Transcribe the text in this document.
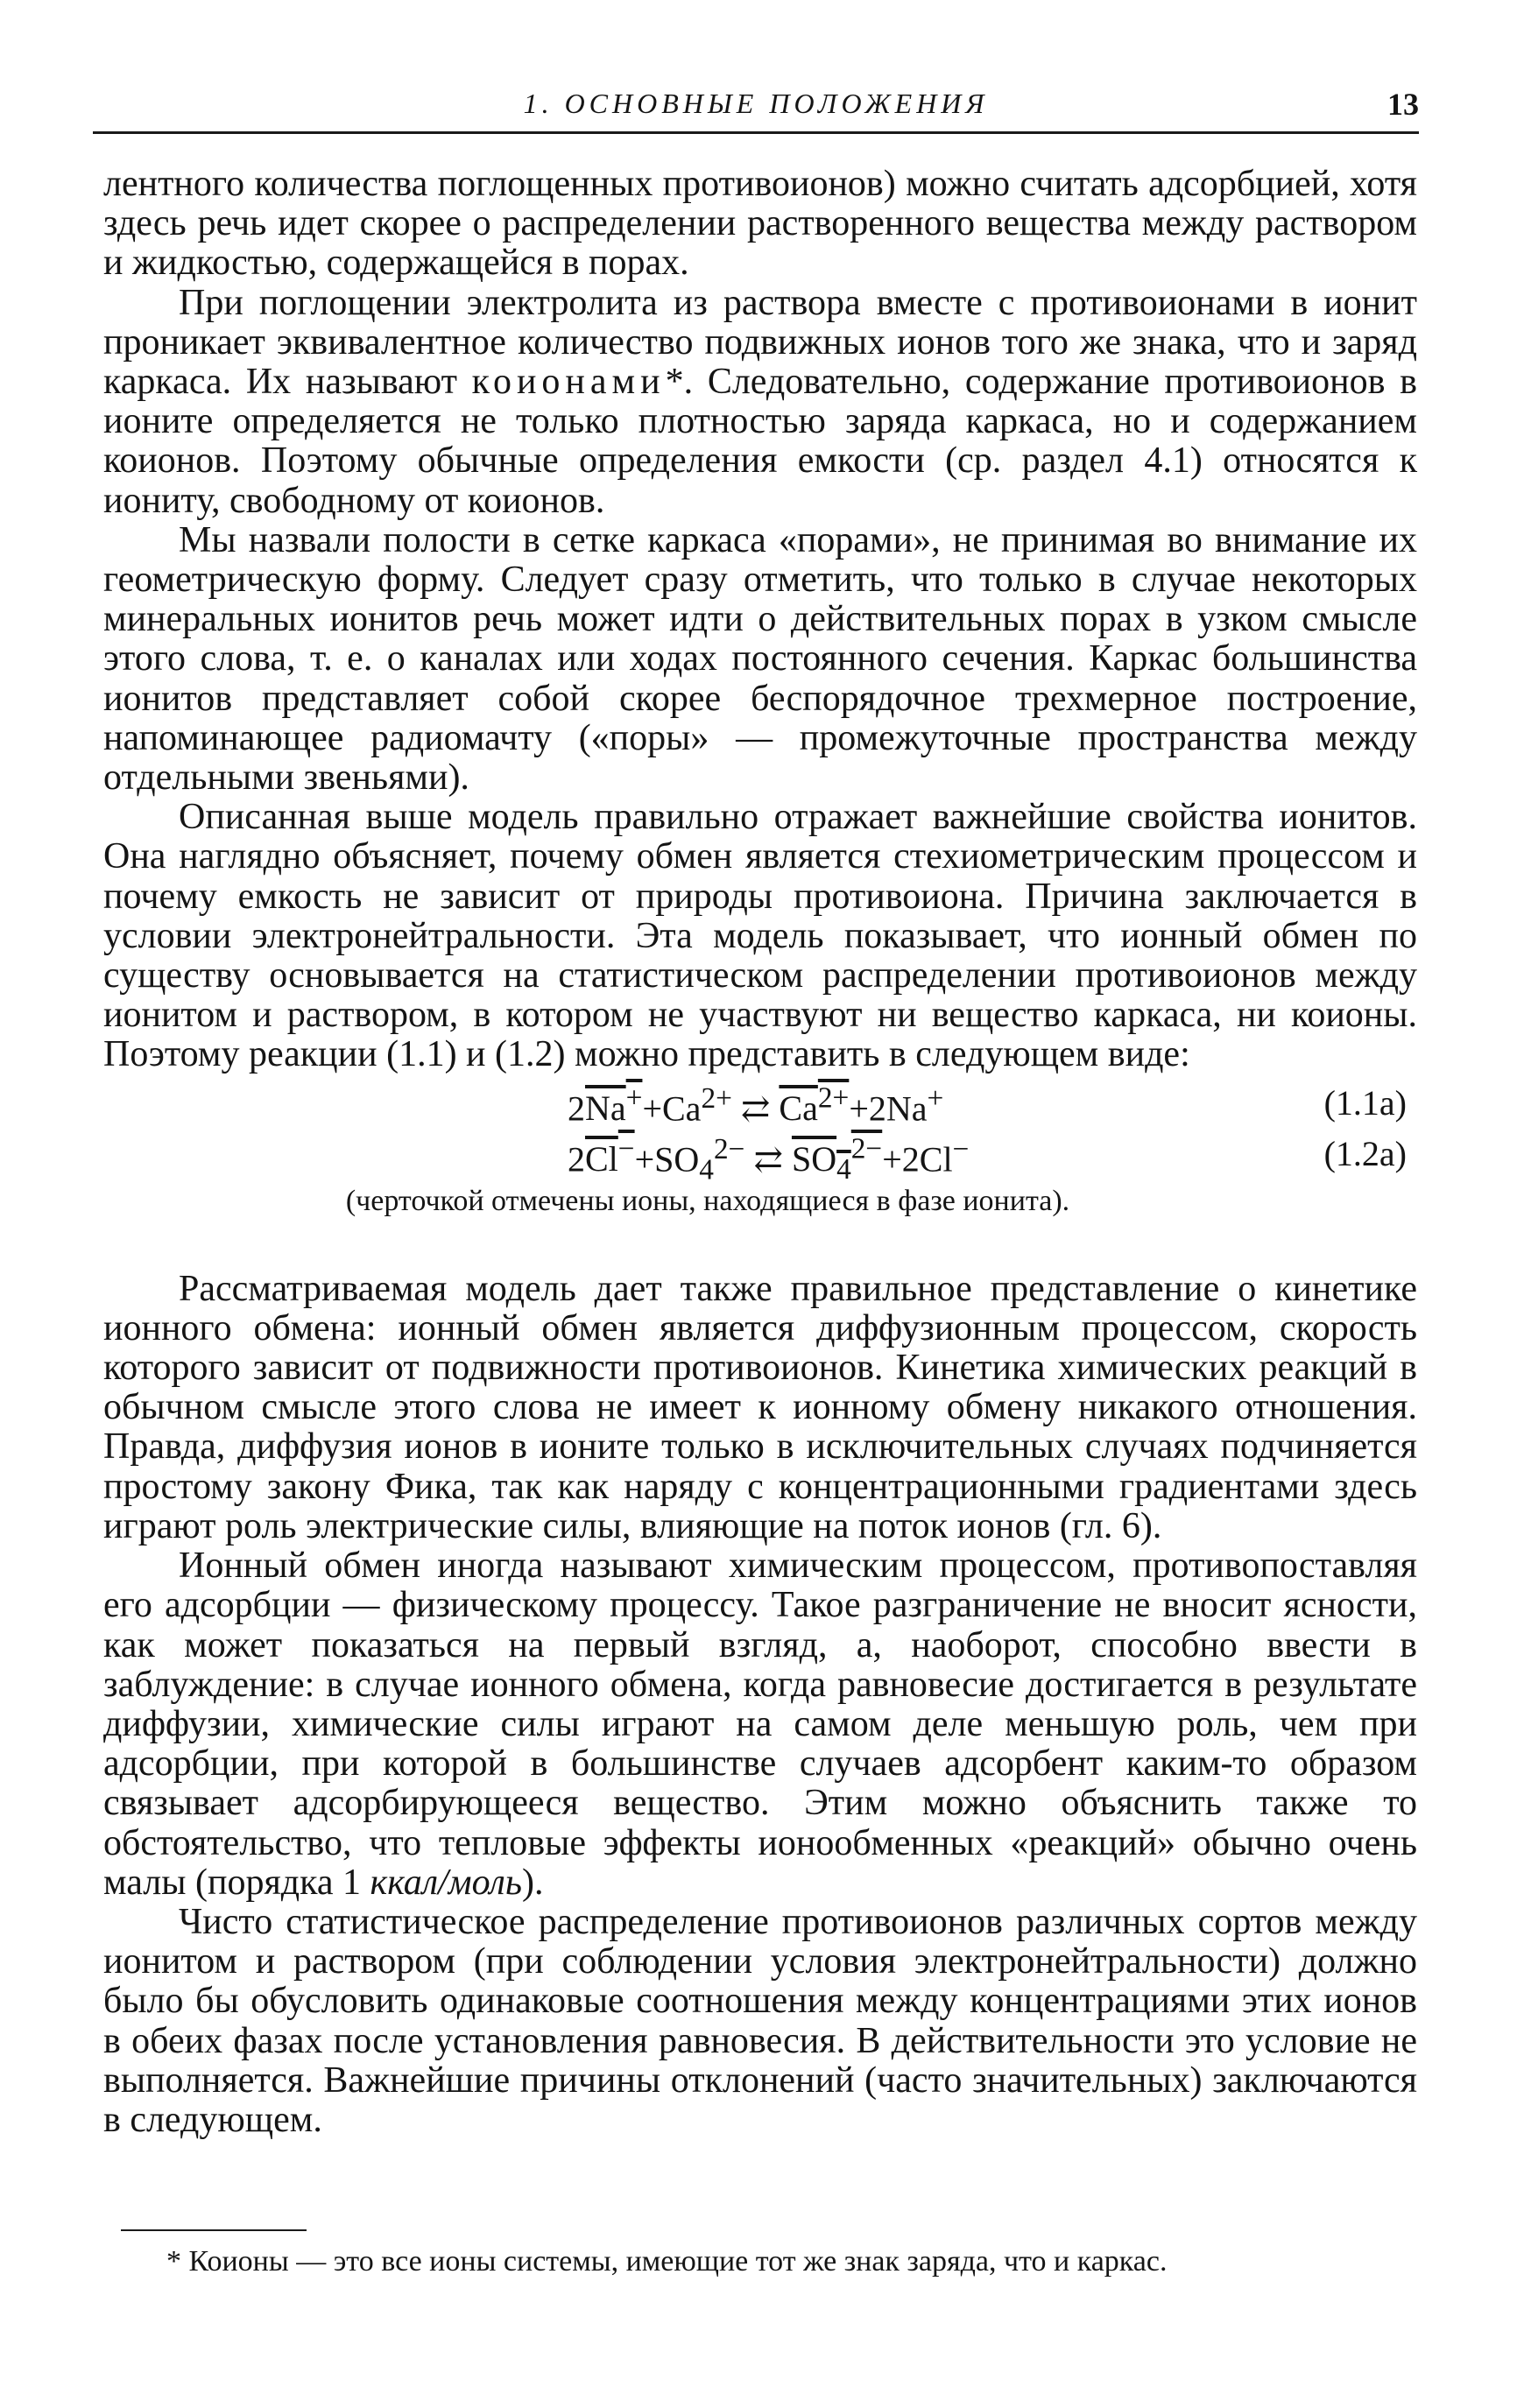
1. ОСНОВНЫЕ ПОЛОЖЕНИЯ	13

лентного количества поглощенных противоионов) можно считать адсорбцией, хотя здесь речь идет скорее о распределении растворенного вещества между раствором и жидкостью, содержащейся в порах.

При поглощении электролита из раствора вместе с противоионами в ионит проникает эквивалентное количество подвижных ионов того же знака, что и заряд каркаса. Их называют коионами*. Следовательно, содержание противоионов в ионите определяется не только плотностью заряда каркаса, но и содержанием коионов. Поэтому обычные определения емкости (ср. раздел 4.1) относятся к иониту, свободному от коионов.

Мы назвали полости в сетке каркаса «порами», не принимая во внимание их геометрическую форму. Следует сразу отметить, что только в случае некоторых минеральных ионитов речь может идти о действительных порах в узком смысле этого слова, т. е. о каналах или ходах постоянного сечения. Каркас большинства ионитов представляет собой скорее беспорядочное трехмерное построение, напоминающее радиомачту («поры» — промежуточные пространства между отдельными звеньями).

Описанная выше модель правильно отражает важнейшие свойства ионитов. Она наглядно объясняет, почему обмен является стехиометрическим процессом и почему емкость не зависит от природы противоиона. Причина заключается в условии электронейтральности. Эта модель показывает, что ионный обмен по существу основывается на статистическом распределении противоионов между ионитом и раствором, в котором не участвуют ни вещество каркаса, ни коионы. Поэтому реакции (1.1) и (1.2) можно представить в следующем виде:

$2Na^++Ca^{2+}$ ⇄ $Ca^{2+}+2Na^+$	(1.1а)
$2Cl^-+SO_4^{2-}$ ⇄ $SO_4^{2-}+2Cl^-$	(1.2а)

(черточкой отмечены ионы, находящиеся в фазе ионита).

Рассматриваемая модель дает также правильное представление о кинетике ионного обмена: ионный обмен является диффузионным процессом, скорость которого зависит от подвижности противоионов. Кинетика химических реакций в обычном смысле этого слова не имеет к ионному обмену никакого отношения. Правда, диффузия ионов в ионите только в исключительных случаях подчиняется простому закону Фика, так как наряду с концентрационными градиентами здесь играют роль электрические силы, влияющие на поток ионов (гл. 6).

Ионный обмен иногда называют химическим процессом, противопоставляя его адсорбции — физическому процессу. Такое разграничение не вносит ясности, как может показаться на первый взгляд, а, наоборот, способно ввести в заблуждение: в случае ионного обмена, когда равновесие достигается в результате диффузии, химические силы играют на самом деле меньшую роль, чем при адсорбции, при которой в большинстве случаев адсорбент каким-то образом связывает адсорбирующееся вещество. Этим можно объяснить также то обстоятельство, что тепловые эффекты ионообменных «реакций» обычно очень малы (порядка 1 ккал/моль).

Чисто статистическое распределение противоионов различных сортов между ионитом и раствором (при соблюдении условия электронейтральности) должно было бы обусловить одинаковые соотношения между концентрациями этих ионов в обеих фазах после установления равновесия. В действительности это условие не выполняется. Важнейшие причины отклонений (часто значительных) заключаются в следующем.

* Коионы — это все ионы системы, имеющие тот же знак заряда, что и каркас.
